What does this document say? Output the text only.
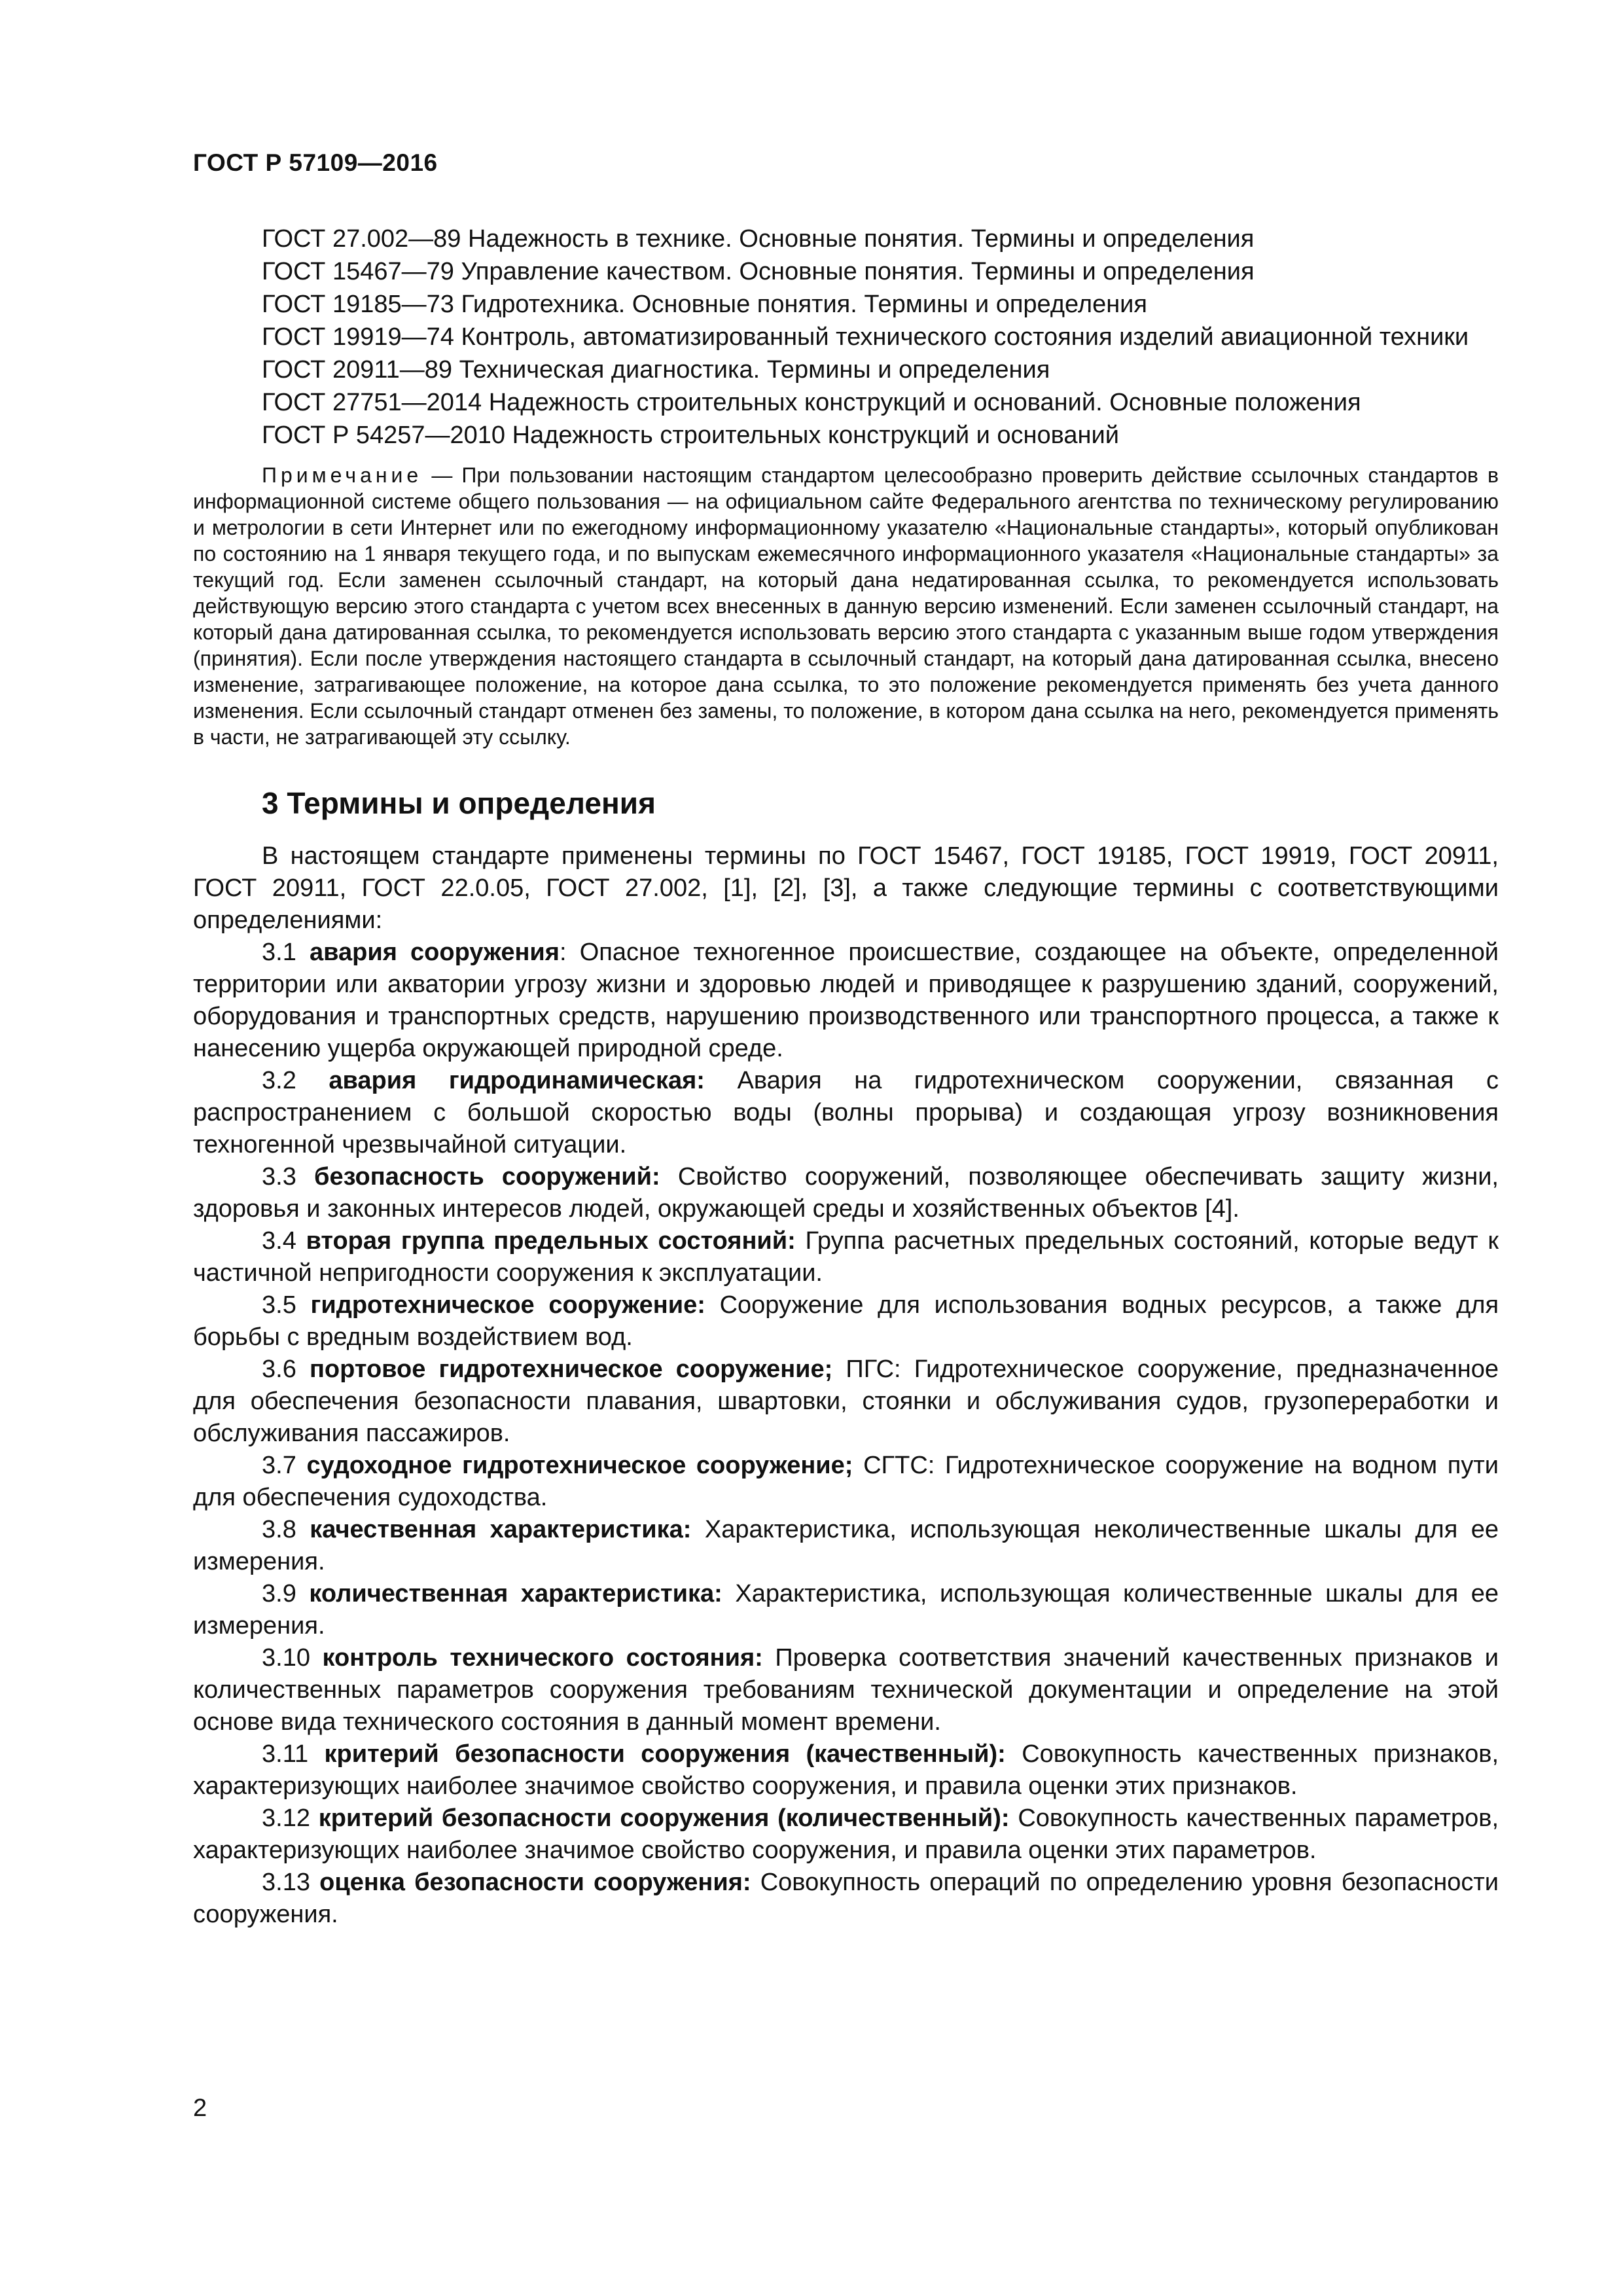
ГОСТ Р 57109—2016

ГОСТ 27.002—89 Надежность в технике. Основные понятия. Термины и определения

ГОСТ 15467—79 Управление качеством. Основные понятия. Термины и определения

ГОСТ 19185—73 Гидротехника. Основные понятия. Термины и определения

ГОСТ 19919—74 Контроль, автоматизированный технического состояния изделий авиационной техники

ГОСТ 20911—89 Техническая диагностика. Термины и определения

ГОСТ 27751—2014 Надежность строительных конструкций и оснований. Основные положения

ГОСТ Р 54257—2010 Надежность строительных конструкций и оснований

Примечание — При пользовании настоящим стандартом целесообразно проверить действие ссылочных стандартов в информационной системе общего пользования — на официальном сайте Федерального агентства по техническому регулированию и метрологии в сети Интернет или по ежегодному информационному указателю «Национальные стандарты», который опубликован по состоянию на 1 января текущего года, и по выпускам ежемесячного информационного указателя «Национальные стандарты» за текущий год. Если заменен ссылочный стандарт, на который дана недатированная ссылка, то рекомендуется использовать действующую версию этого стандарта с учетом всех внесенных в данную версию изменений. Если заменен ссылочный стандарт, на который дана датированная ссылка, то рекомендуется использовать версию этого стандарта с указанным выше годом утверждения (принятия). Если после утверждения настоящего стандарта в ссылочный стандарт, на который дана датированная ссылка, внесено изменение, затрагивающее положение, на которое дана ссылка, то это положение рекомендуется применять без учета данного изменения. Если ссылочный стандарт отменен без замены, то положение, в котором дана ссылка на него, рекомендуется применять в части, не затрагивающей эту ссылку.

3 Термины и определения

В настоящем стандарте применены термины по ГОСТ 15467, ГОСТ 19185, ГОСТ 19919, ГОСТ 20911, ГОСТ 20911, ГОСТ 22.0.05, ГОСТ 27.002, [1], [2], [3], а также следующие термины с соответствующими определениями:

3.1 авария сооружения: Опасное техногенное происшествие, создающее на объекте, определенной территории или акватории угрозу жизни и здоровью людей и приводящее к разрушению зданий, сооружений, оборудования и транспортных средств, нарушению производственного или транспортного процесса, а также к нанесению ущерба окружающей природной среде.

3.2 авария гидродинамическая: Авария на гидротехническом сооружении, связанная с распространением с большой скоростью воды (волны прорыва) и создающая угрозу возникновения техногенной чрезвычайной ситуации.

3.3 безопасность сооружений: Свойство сооружений, позволяющее обеспечивать защиту жизни, здоровья и законных интересов людей, окружающей среды и хозяйственных объектов [4].

3.4 вторая группа предельных состояний: Группа расчетных предельных состояний, которые ведут к частичной непригодности сооружения к эксплуатации.

3.5 гидротехническое сооружение: Сооружение для использования водных ресурсов, а также для борьбы с вредным воздействием вод.

3.6 портовое гидротехническое сооружение; ПГС: Гидротехническое сооружение, предназначенное для обеспечения безопасности плавания, швартовки, стоянки и обслуживания судов, грузопереработки и обслуживания пассажиров.

3.7 судоходное гидротехническое сооружение; СГТС: Гидротехническое сооружение на водном пути для обеспечения судоходства.

3.8 качественная характеристика: Характеристика, использующая неколичественные шкалы для ее измерения.

3.9 количественная характеристика: Характеристика, использующая количественные шкалы для ее измерения.

3.10 контроль технического состояния: Проверка соответствия значений качественных признаков и количественных параметров сооружения требованиям технической документации и определение на этой основе вида технического состояния в данный момент времени.

3.11 критерий безопасности сооружения (качественный): Совокупность качественных признаков, характеризующих наиболее значимое свойство сооружения, и правила оценки этих признаков.

3.12 критерий безопасности сооружения (количественный): Совокупность качественных параметров, характеризующих наиболее значимое свойство сооружения, и правила оценки этих параметров.

3.13 оценка безопасности сооружения: Совокупность операций по определению уровня безопасности сооружения.

2
